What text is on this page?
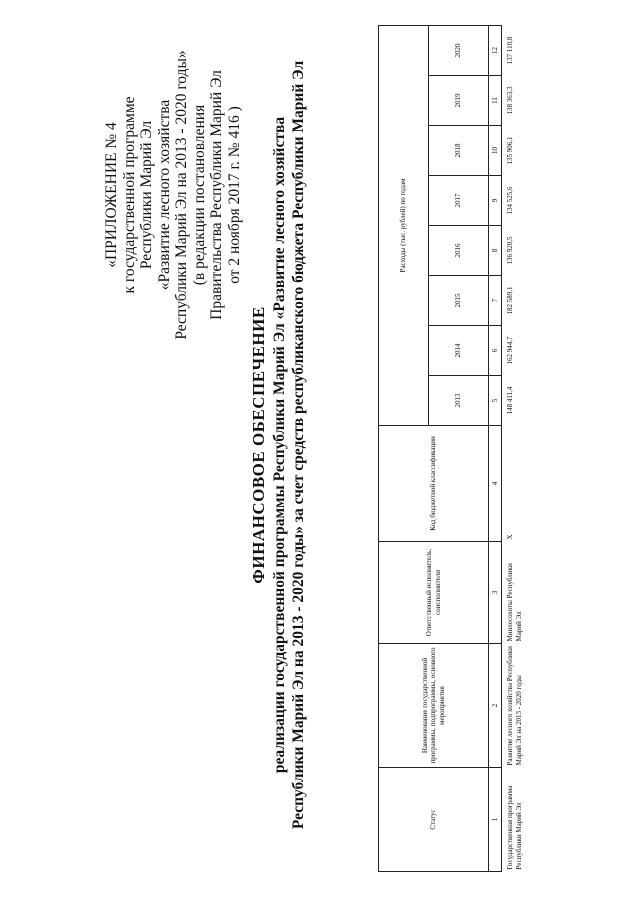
«ПРИЛОЖЕНИЕ № 4 к государственной программе Республики Марий Эл «Развитие лесного хозяйства Республики Марий Эл на 2013 - 2020 годы» (в редакции постановления Правительства Республики Марий Эл от 2 ноября 2017 г. № 416 )
ФИНАНСОВОЕ ОБЕСПЕЧЕНИЕ реализации государственной программы Республики Марий Эл «Развитие лесного хозяйства Республики Марий Эл на 2013 - 2020 годы» за счет средств республиканского бюджета Республики Марий Эл	Статус	Наименование государственной программы, подпрограммы, основного мероприятия	Ответственный исполнитель, соисполнители	Код бюджетной классификации	Расходы (тыс. рублей) по годам							
				2013	2014	2015	2016	2017	2018	2019	2020
1	2	3	4	5	6	7	8	9	10	11	12
Государственная программа Республики Марий Эл	Развитие лесного хозяйства Республики Марий Эл на 2013 - 2020 годы	Минлесохоты Республики Марий Эл	Х	148 411,4	162 944,7	182 589,1	136 920,5	134 525,6	135 906,1	138 363,3	137 110,8
